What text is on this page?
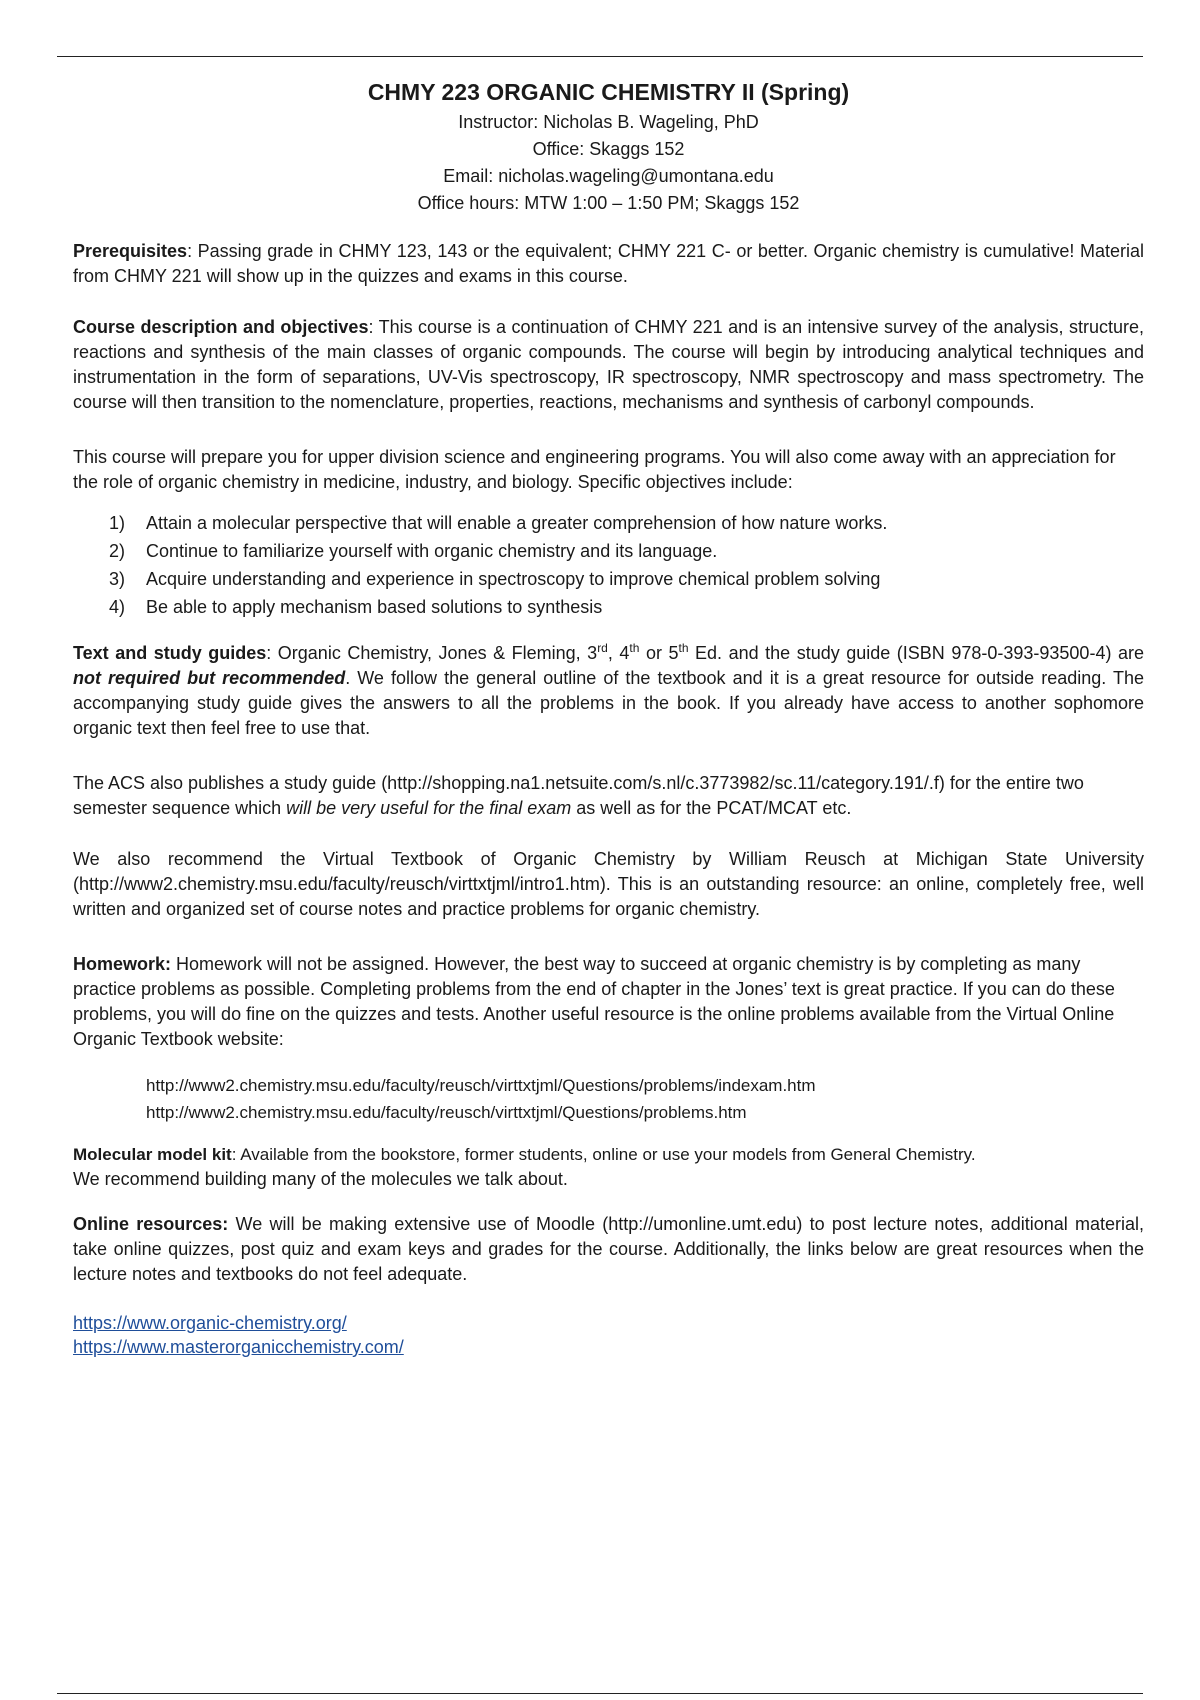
CHMY 223 ORGANIC CHEMISTRY II (Spring)
Instructor: Nicholas B. Wageling, PhD
Office: Skaggs 152
Email: nicholas.wageling@umontana.edu
Office hours: MTW 1:00 – 1:50 PM; Skaggs 152

Prerequisites: Passing grade in CHMY 123, 143 or the equivalent; CHMY 221 C- or better. Organic chemistry is cumulative! Material from CHMY 221 will show up in the quizzes and exams in this course.

Course description and objectives: This course is a continuation of CHMY 221 and is an intensive survey of the analysis, structure, reactions and synthesis of the main classes of organic compounds. The course will begin by introducing analytical techniques and instrumentation in the form of separations, UV-Vis spectroscopy, IR spectroscopy, NMR spectroscopy and mass spectrometry. The course will then transition to the nomenclature, properties, reactions, mechanisms and synthesis of carbonyl compounds.

This course will prepare you for upper division science and engineering programs. You will also come away with an appreciation for the role of organic chemistry in medicine, industry, and biology. Specific objectives include:

1) Attain a molecular perspective that will enable a greater comprehension of how nature works.
2) Continue to familiarize yourself with organic chemistry and its language.
3) Acquire understanding and experience in spectroscopy to improve chemical problem solving
4) Be able to apply mechanism based solutions to synthesis

Text and study guides: Organic Chemistry, Jones & Fleming, 3rd, 4th or 5th Ed. and the study guide (ISBN 978-0-393-93500-4) are not required but recommended. We follow the general outline of the textbook and it is a great resource for outside reading. The accompanying study guide gives the answers to all the problems in the book. If you already have access to another sophomore organic text then feel free to use that.

The ACS also publishes a study guide (http://shopping.na1.netsuite.com/s.nl/c.3773982/sc.11/category.191/.f) for the entire two semester sequence which will be very useful for the final exam as well as for the PCAT/MCAT etc.

We also recommend the Virtual Textbook of Organic Chemistry by William Reusch at Michigan State University (http://www2.chemistry.msu.edu/faculty/reusch/virttxtjml/intro1.htm). This is an outstanding resource: an online, completely free, well written and organized set of course notes and practice problems for organic chemistry.

Homework: Homework will not be assigned. However, the best way to succeed at organic chemistry is by completing as many practice problems as possible. Completing problems from the end of chapter in the Jones’ text is great practice. If you can do these problems, you will do fine on the quizzes and tests. Another useful resource is the online problems available from the Virtual Online Organic Textbook website:

http://www2.chemistry.msu.edu/faculty/reusch/virttxtjml/Questions/problems/indexam.htm
http://www2.chemistry.msu.edu/faculty/reusch/virttxtjml/Questions/problems.htm

Molecular model kit: Available from the bookstore, former students, online or use your models from General Chemistry.

We recommend building many of the molecules we talk about.

Online resources: We will be making extensive use of Moodle (http://umonline.umt.edu) to post lecture notes, additional material, take online quizzes, post quiz and exam keys and grades for the course. Additionally, the links below are great resources when the lecture notes and textbooks do not feel adequate.

https://www.organic-chemistry.org/
https://www.masterorganicchemistry.com/
